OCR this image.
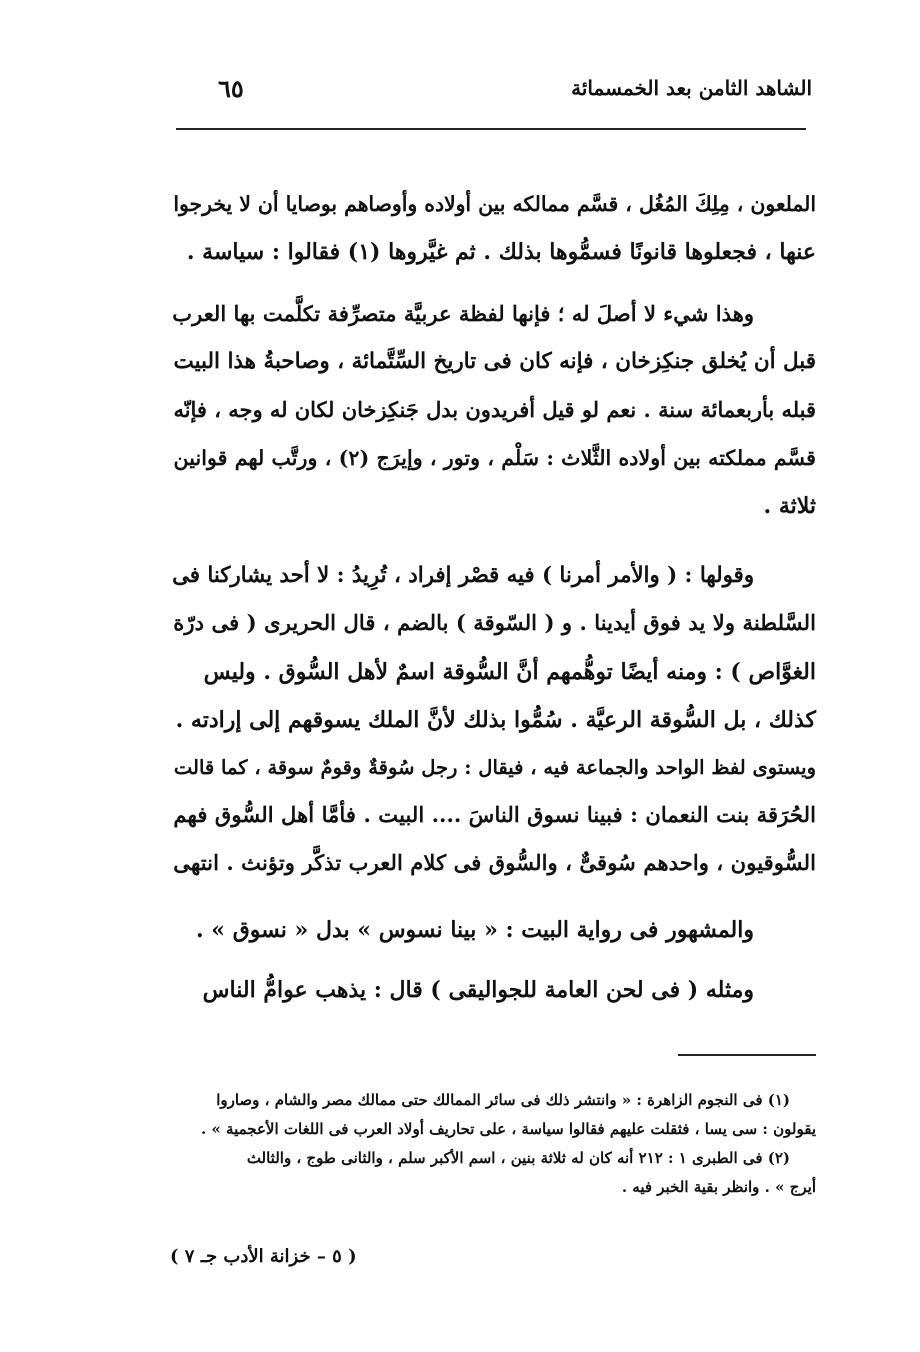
الشاهد الثامن بعد الخمسمائة
٦٥
الملعون ، مِلِكَ المُغُل ، قسَّم ممالكه بين أولاده وأوصاهم بوصايا أن لا يخرجوا
عنها ، فجعلوها قانونًا فسمُّوها بذلك . ثم غيَّروها (١) فقالوا : سياسة .
وهذا شيء لا أصلَ له ؛ فإنها لفظة عربيَّة متصرِّفة تكلَّمت بها العرب
قبل أن يُخلق جنكِزخان ، فإنه كان فى تاريخ السِّتَّمائة ، وصاحبةُ هذا البيت
قبله بأربعمائة سنة . نعم لو قيل أفريدون بدل جَنكِزخان لكان له وجه ، فإنّه
قسَّم مملكته بين أولاده الثَّلاث : سَلْم ، وتور ، وإيرَج (٢) ، ورتَّب لهم قوانين
ثلاثة .
وقولها : ( والأمر أمرنا ) فيه قصْر إفراد ، تُرِيدُ : لا أحد يشاركنا فى
السَّلطنة ولا يد فوق أيدينا . و ( السّوقة ) بالضم ، قال الحريرى ( فى درّة
الغوَّاص ) : ومنه أيضًا توهُّمهم أنَّ السُّوقة اسمٌ لأهل السُّوق . وليس
كذلك ، بل السُّوقة الرعيَّة . سُمُّوا بذلك لأنَّ الملك يسوقهم إلى إرادته .
ويستوى لفظ الواحد والجماعة فيه ، فيقال : رجل سُوقةٌ وقومٌ سوقة ، كما قالت
الحُرَقة بنت النعمان : فبينا نسوق الناسَ .... البيت . فأمَّا أهل السُّوق فهم
السُّوقيون ، واحدهم سُوقىٌّ ، والسُّوق فى كلام العرب تذكَّر وتؤنث . انتهى
والمشهور فى رواية البيت : « بينا نسوس » بدل « نسوق » .
ومثله ( فى لحن العامة للجواليقى ) قال : يذهب عوامُّ الناس
(١) فى النجوم الزاهرة : « وانتشر ذلك فى سائر الممالك حتى ممالك مصر والشام ، وصاروا
يقولون : سى يسا ، فثقلت عليهم فقالوا سياسة ، على تحاريف أولاد العرب فى اللغات الأعجمية » .
(٢) فى الطبرى ١ : ٢١٢ أنه كان له ثلاثة بنين ، اسم الأكبر سلم ، والثانى طوج ، والثالث
أيرج » . وانظر بقية الخبر فيه .
( ٥ – خزانة الأدب جـ ٧ )
